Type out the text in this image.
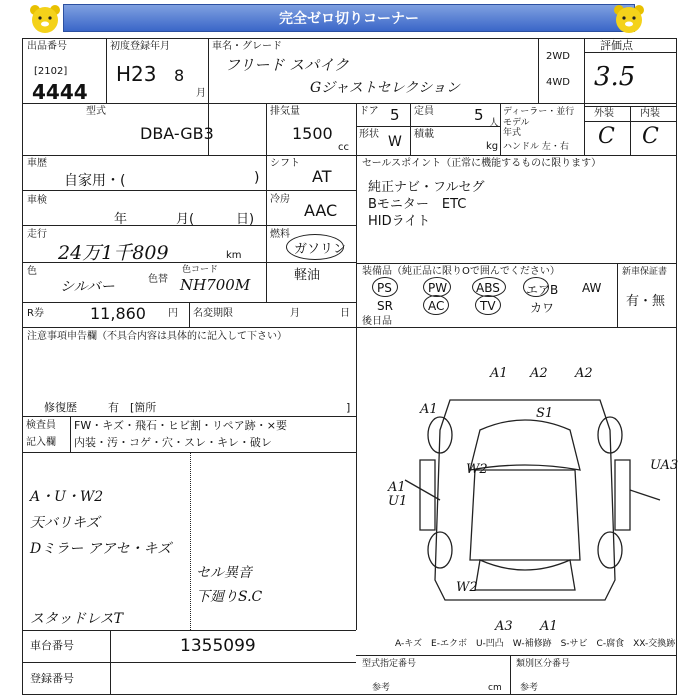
完全ゼロ切りコーナー
出品番号
[2102]
4444
初度登録年月
H23 8
月
車名・グレード
フリード スパイク
Gジャストセレクション
2WD
4WD
評価点
3.5
外装	内装
C C
型式
DBA-GB3
排気量
1500
cc
ドア 5 定員	5 人
形状 W 積載
kg
ディーラー・並行
モデル
年式
ハンドル 左・右
車歴
自家用・(	)
シフト
AT
車検
年	月(	日)
冷房
AAC
走行
24万1千809	km
燃料
ガソリン
軽油
色
シルバー	色替
色コード
NH700M
R券	11,860 円 名変期限	月	日
セールスポイント（正常に機能するものに限ります）
純正ナビ・フルセグ
Bモニター　ETC
HIDライト
装備品（純正品に限りOで囲んでください）
PS	PW ABS エアB AW
SR	AC	TV	カワ
新車保証書
有・無
後日品
注意事項申告欄（不具合内容は具体的に記入して下さい）
修復歴	有 [箇所	]
検査員
記入欄
FW・キズ・飛石・ヒビ割・リペア跡・×要
内装・汚・コゲ・穴・スレ・キレ・破レ
A・U・W2
天バリキズ
Dミラー アアセ・キズ
セル異音
下廻りS.C
スタッドレスT
A1 A2 A2
A1	S1
W2	UA3
A1
U1
W2
A3 A1
A-キズ　E-エクボ　U-凹凸　W-補修跡　S-サビ　C-腐食　XX-交換跡
車台番号	1355099
登録番号
型式指定番号
参考
類別区分番号
参考
cm
